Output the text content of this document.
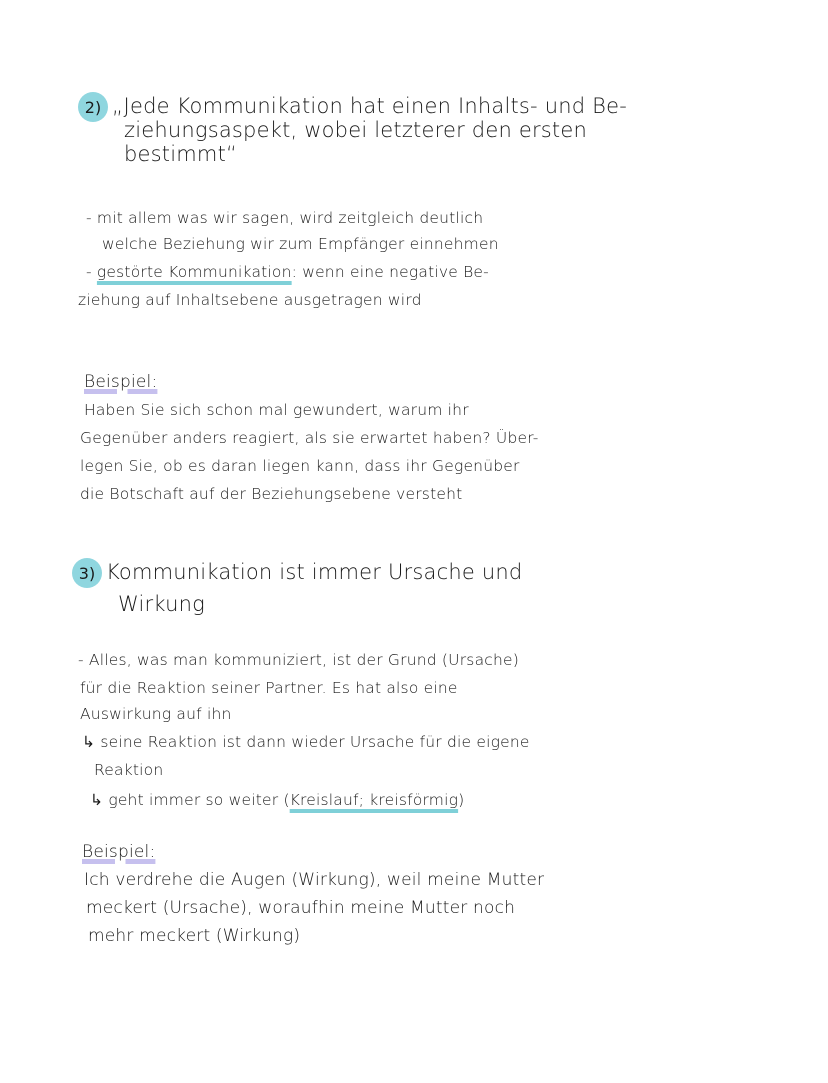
2) „Jede Kommunikation hat einen Inhalts- und Be-
ziehungsaspekt, wobei letzterer den ersten
bestimmt“
- mit allem was wir sagen, wird zeitgleich deutlich
welche Beziehung wir zum Empfänger einnehmen
- gestörte Kommunikation: wenn eine negative Be-
ziehung auf Inhaltsebene ausgetragen wird
Beispiel:
Haben Sie sich schon mal gewundert, warum ihr
Gegenüber anders reagiert, als sie erwartet haben? Über-
legen Sie, ob es daran liegen kann, dass ihr Gegenüber
die Botschaft auf der Beziehungsebene versteht
3) Kommunikation ist immer Ursache und
Wirkung
- Alles, was man kommuniziert, ist der Grund (Ursache)
für die Reaktion seiner Partner. Es hat also eine
Auswirkung auf ihn
↳ seine Reaktion ist dann wieder Ursache für die eigene
Reaktion
↳ geht immer so weiter (Kreislauf; kreisförmig)
Beispiel:
Ich verdrehe die Augen (Wirkung), weil meine Mutter
meckert (Ursache), woraufhin meine Mutter noch
mehr meckert (Wirkung)
